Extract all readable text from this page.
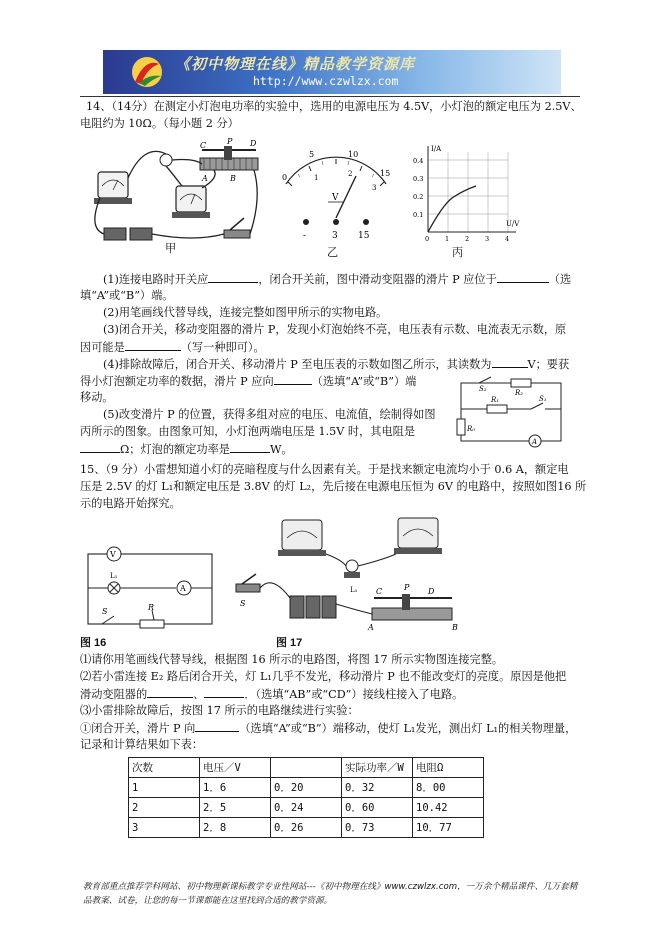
《初中物理在线》精品教学资源库
http://www.czwlzx.com
14、（14分）在测定小灯泡电功率的实验中，选用的电源电压为 4.5V，小灯泡的额定电压为 2.5V、
电阻约为 10Ω。（每小题 2 分）
C	P D
A	B
甲
0
5	10
15
1	2
3
V
-	3 15
乙
I/A
U/V
0.4
0.3
0.2
0.1
0 1 2 3 4
丙
(1)连接电路时开关应	，闭合开关前，图中滑动变阻器的滑片 P 应位于	（选
填“A”或“B”）端。
(2)用笔画线代替导线，连接完整如图甲所示的实物电路。
(3)闭合开关，移动变阻器的滑片 P，发现小灯泡始终不亮，电压表有示数、电流表无示数，原
因可能是	（写一种即可）。
(4)排除故障后，闭合开关、移动滑片 P 至电压表的示数如图乙所示，其读数为	V；要获
得小灯泡额定功率的数据，滑片 P 应向	（选填“A”或“B”）端
移动。
(5)改变滑片 P 的位置，获得多组对应的电压、电流值，绘制得如图
丙所示的图象。由图象可知，小灯泡两端电压是 1.5V 时，其电阻是
Ω；灯泡的额定功率是	W。
S₂	R₂
R₁	S₁
R₀
A
15、（9 分）小雷想知道小灯的亮暗程度与什么因素有关。于是找来额定电流均小于 0.6 A，额定电
压是 2.5V 的灯 L₁和额定电压是 3.8V 的灯 L₂，先后接在电源电压恒为 6V 的电路中，按照如图16 所
示的电路开始探究。
V
L₁
A
S	R
L₁
S
C	P D
A	B
图 16	图 17
⑴请你用笔画线代替导线，根据图 16 所示的电路图，将图 17 所示实物图连接完整。
⑵若小雷连接 E₂ 路后闭合开关，灯 L₁几乎不发光，移动滑片 P 也不能改变灯的亮度。原因是他把
滑动变阻器的	、	．（选填“AB”或“CD”）接线柱接入了电路。
⑶小雷排除故障后，按图 17 所示的电路继续进行实验：
①闭合开关，滑片 P 向	（选填“A”或“B”）端移动，使灯 L₁发光，测出灯 L₁的相关物理量，
记录和计算结果如下表：
次数	电压／V		实际功率／W	电阻Ω
1	1．6	0．20	0．32	8．00
2	2．5	0．24	0．60	10.42
3	2．8	0．26	0．73	10．77
教育部重点推荐学科网站、初中物理新课标教学专业性网站---《初中物理在线》www.czwlzx.com，一万余个精品课件、几万套精品教案、试卷，让您的每一节课都能在这里找到合适的教学资源。
